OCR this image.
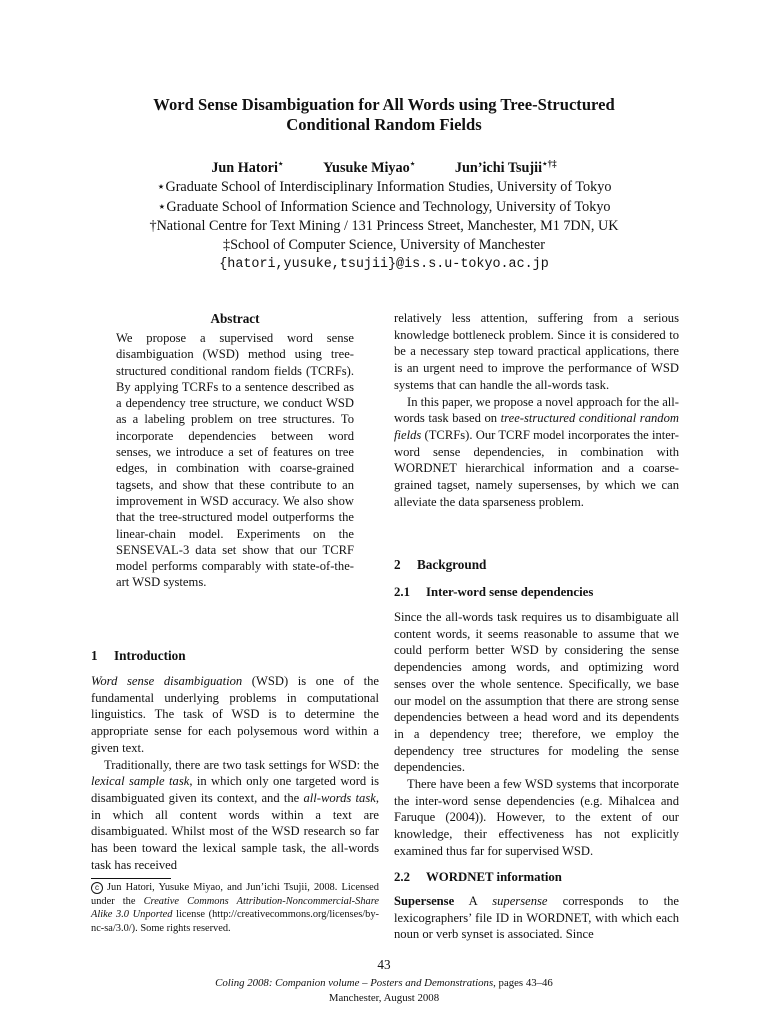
Word Sense Disambiguation for All Words using Tree-Structured
Conditional Random Fields
Jun Hatori⋆	Yusuke Miyao⋆	Jun’ichi Tsujii⋆†‡
⋆Graduate School of Interdisciplinary Information Studies, University of Tokyo
⋆Graduate School of Information Science and Technology, University of Tokyo
†National Centre for Text Mining / 131 Princess Street, Manchester, M1 7DN, UK
‡School of Computer Science, University of Manchester
{hatori,yusuke,tsujii}@is.s.u-tokyo.ac.jp
Abstract
We propose a supervised word sense disambiguation (WSD) method using tree-structured conditional random fields (TCRFs). By applying TCRFs to a sentence described as a dependency tree structure, we conduct WSD as a labeling problem on tree structures. To incorporate dependencies between word senses, we introduce a set of features on tree edges, in combination with coarse-grained tagsets, and show that these contribute to an improvement in WSD accuracy. We also show that the tree-structured model outperforms the linear-chain model. Experiments on the SENSEVAL-3 data set show that our TCRF model performs comparably with state-of-the-art WSD systems.
1 Introduction

Word sense disambiguation (WSD) is one of the fundamental underlying problems in computational linguistics. The task of WSD is to determine the appropriate sense for each polysemous word within a given text.

Traditionally, there are two task settings for WSD: the lexical sample task, in which only one targeted word is disambiguated given its context, and the all-words task, in which all content words within a text are disambiguated. Whilst most of the WSD research so far has been toward the lexical sample task, the all-words task has received

c Jun Hatori, Yusuke Miyao, and Jun’ichi Tsujii, 2008. Licensed under the Creative Commons Attribution-Noncommercial-Share Alike 3.0 Unported license (http://creativecommons.org/licenses/by-nc-sa/3.0/). Some rights reserved.

relatively less attention, suffering from a serious knowledge bottleneck problem. Since it is considered to be a necessary step toward practical applications, there is an urgent need to improve the performance of WSD systems that can handle the all-words task.

In this paper, we propose a novel approach for the all-words task based on tree-structured conditional random fields (TCRFs). Our TCRF model incorporates the inter-word sense dependencies, in combination with WORDNET hierarchical information and a coarse-grained tagset, namely supersenses, by which we can alleviate the data sparseness problem.

2 Background
2.1 Inter-word sense dependencies

Since the all-words task requires us to disambiguate all content words, it seems reasonable to assume that we could perform better WSD by considering the sense dependencies among words, and optimizing word senses over the whole sentence. Specifically, we base our model on the assumption that there are strong sense dependencies between a head word and its dependents in a dependency tree; therefore, we employ the dependency tree structures for modeling the sense dependencies.

There have been a few WSD systems that incorporate the inter-word sense dependencies (e.g. Mihalcea and Faruque (2004)). However, to the extent of our knowledge, their effectiveness has not explicitly examined thus far for supervised WSD.

2.2 WORDNET information

Supersense A supersense corresponds to the lexicographers’ file ID in WORDNET, with which each noun or verb synset is associated. Since

43
Coling 2008: Companion volume – Posters and Demonstrations, pages 43–46
Manchester, August 2008
